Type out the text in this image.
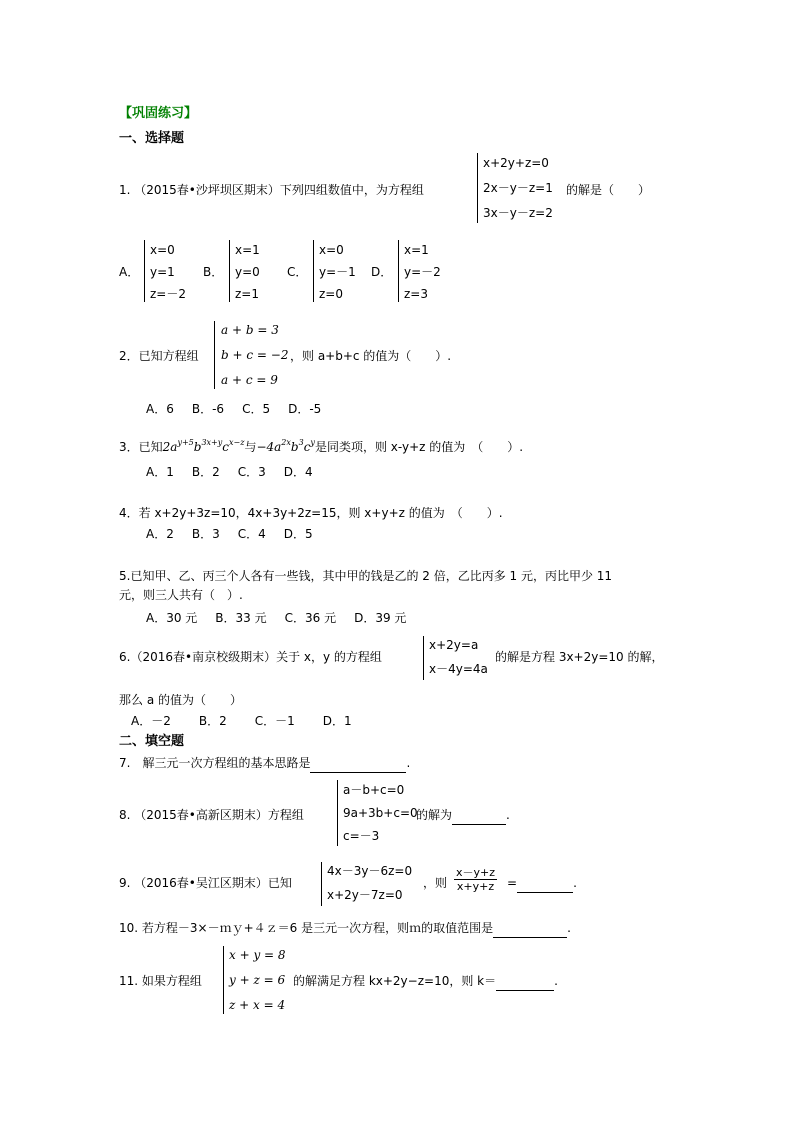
【巩固练习】
一、选择题
1. （2015春•沙坪坝区期末）下列四组数值中，为方程组
x+2y+z=0
2x－y－z=1
3x－y－z=2
的解是（　　）
A．
x=0
y=1
z=－2
B．
x=1
y=0
z=1
C．
x=0
y=－1
z=0
D．
x=1
y=－2
z=3
2．已知方程组
a + b = 3
b + c = −2
a + c = 9
，则 a+b+c 的值为（　　）.
A．6 B．-6 C．5 D．-5
3．已知$2a^{y+5}b^{3x+y}c^{x-z}$与$-4a^{2x}b^3c^y$是同类项，则 x-y+z 的值为　（　　）.
A．1 B．2 C．3 D．4
4．若 x+2y+3z=10，4x+3y+2z=15，则 x+y+z 的值为　（　　）.
A．2 B．3 C．4 D．5
5.已知甲、乙、丙三个人各有一些钱，其中甲的钱是乙的 2 倍，乙比丙多 1 元，丙比甲少 11
元，则三人共有（　）.
A．30 元 B．33 元 C．36 元 D．39 元
6.（2016春•南京校级期末）关于 x，y 的方程组
x+2y=a
x－4y=4a
的解是方程 3x+2y=10 的解，
那么 a 的值为（　　）
A．－2 B．2 C．－1 D．1
二、填空题
7.　解三元一次方程组的基本思路是	.
8. （2015春•高新区期末）方程组
a－b+c=0
9a+3b+c=0
c=－3
的解为	.
9. （2016春•吴江区期末）已知
4x－3y－6z=0
x+2y－7z=0
，则 $\frac{x-y+z}{x+y+z}$ =	.
10. 若方程－3×－ｍｙ+４ｚ＝6 是三元一次方程，则ｍ的取值范围是	.
11. 如果方程组
x + y = 8
y + z = 6
z + x = 4
的解满足方程 kx+2y−z=10，则 k＝	.
